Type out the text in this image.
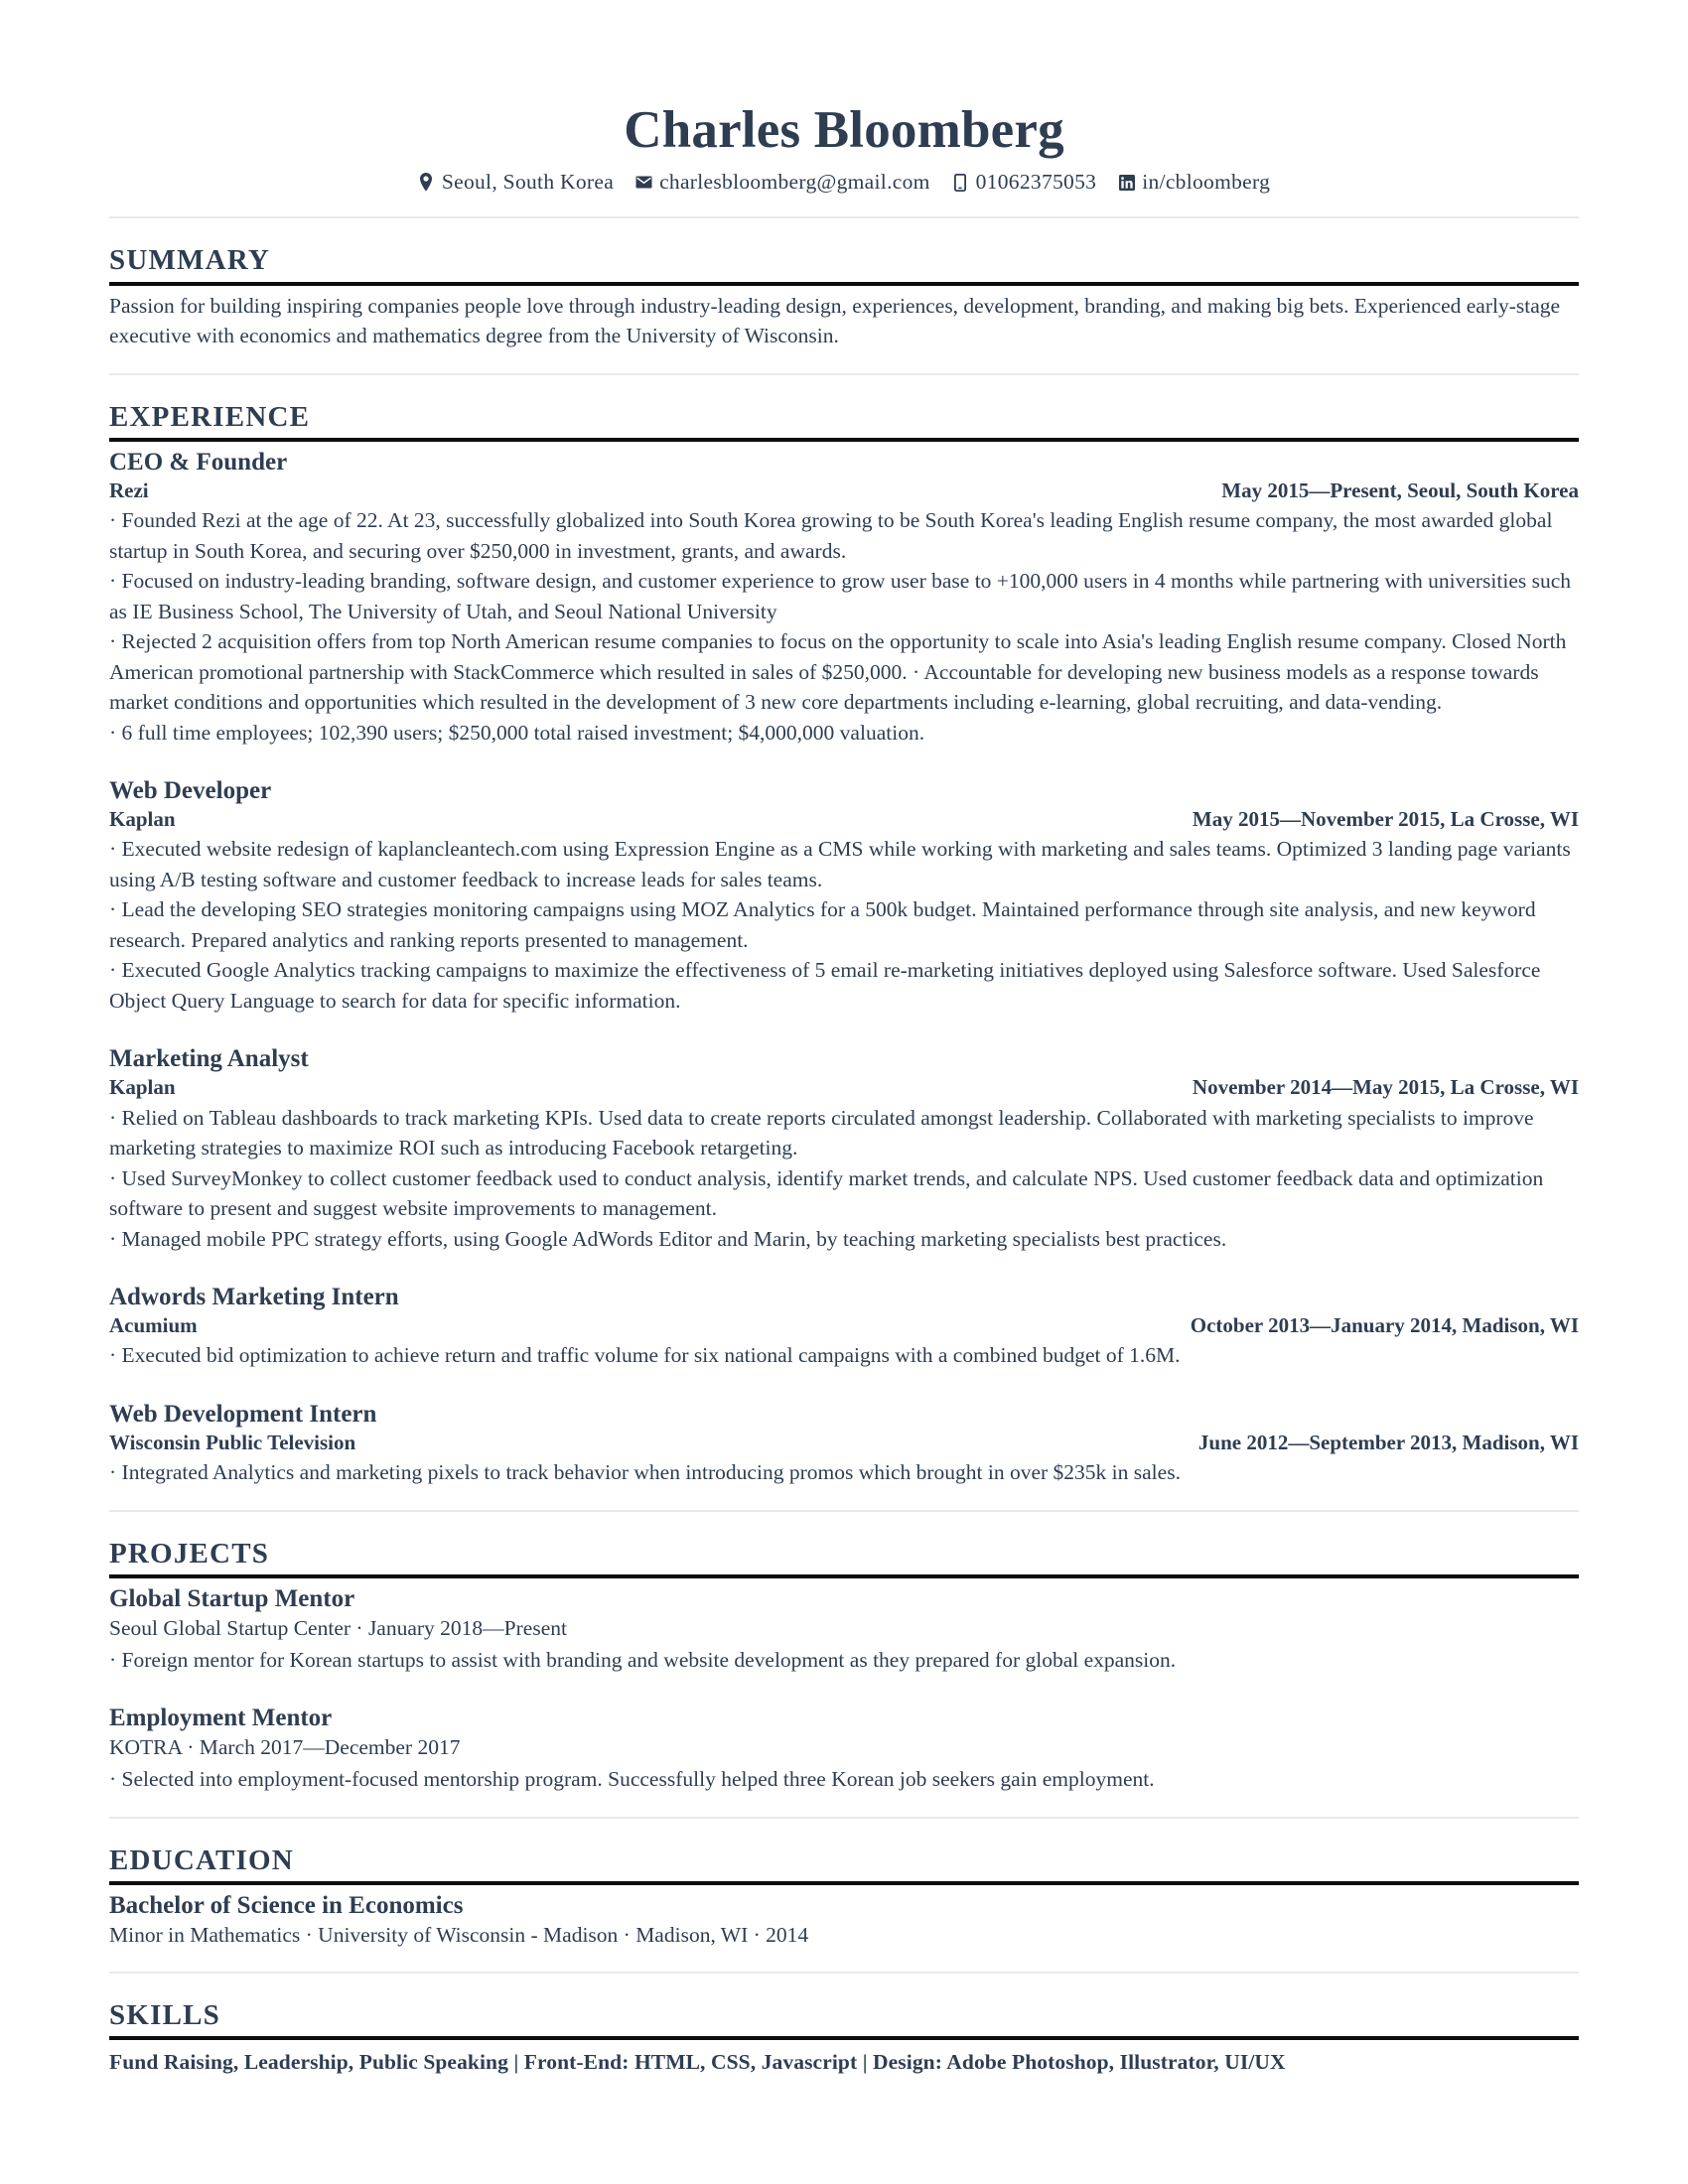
Charles Bloomberg
Seoul, South Korea charlesbloomberg@gmail.com 01062375053 in/cbloomberg
SUMMARY
Passion for building inspiring companies people love through industry-leading design, experiences, development, branding, and making big bets. Experienced early-stage executive with economics and mathematics degree from the University of Wisconsin.
EXPERIENCE
CEO & Founder
Rezi	May 2015—Present, Seoul, South Korea
· Founded Rezi at the age of 22. At 23, successfully globalized into South Korea growing to be South Korea's leading English resume company, the most awarded global startup in South Korea, and securing over $250,000 in investment, grants, and awards.
· Focused on industry-leading branding, software design, and customer experience to grow user base to +100,000 users in 4 months while partnering with universities such as IE Business School, The University of Utah, and Seoul National University
· Rejected 2 acquisition offers from top North American resume companies to focus on the opportunity to scale into Asia's leading English resume company. Closed North American promotional partnership with StackCommerce which resulted in sales of $250,000. · Accountable for developing new business models as a response towards market conditions and opportunities which resulted in the development of 3 new core departments including e-learning, global recruiting, and data-vending.
· 6 full time employees; 102,390 users; $250,000 total raised investment; $4,000,000 valuation.
Web Developer
Kaplan	May 2015—November 2015, La Crosse, WI
· Executed website redesign of kaplancleantech.com using Expression Engine as a CMS while working with marketing and sales teams. Optimized 3 landing page variants using A/B testing software and customer feedback to increase leads for sales teams.
· Lead the developing SEO strategies monitoring campaigns using MOZ Analytics for a 500k budget. Maintained performance through site analysis, and new keyword research. Prepared analytics and ranking reports presented to management.
· Executed Google Analytics tracking campaigns to maximize the effectiveness of 5 email re-marketing initiatives deployed using Salesforce software. Used Salesforce Object Query Language to search for data for specific information.
Marketing Analyst
Kaplan	November 2014—May 2015, La Crosse, WI
· Relied on Tableau dashboards to track marketing KPIs. Used data to create reports circulated amongst leadership. Collaborated with marketing specialists to improve marketing strategies to maximize ROI such as introducing Facebook retargeting.
· Used SurveyMonkey to collect customer feedback used to conduct analysis, identify market trends, and calculate NPS. Used customer feedback data and optimization software to present and suggest website improvements to management.
· Managed mobile PPC strategy efforts, using Google AdWords Editor and Marin, by teaching marketing specialists best practices.
Adwords Marketing Intern
Acumium	October 2013—January 2014, Madison, WI
· Executed bid optimization to achieve return and traffic volume for six national campaigns with a combined budget of 1.6M.
Web Development Intern
Wisconsin Public Television	June 2012—September 2013, Madison, WI
· Integrated Analytics and marketing pixels to track behavior when introducing promos which brought in over $235k in sales.
PROJECTS
Global Startup Mentor
Seoul Global Startup Center · January 2018—Present
· Foreign mentor for Korean startups to assist with branding and website development as they prepared for global expansion.
Employment Mentor
KOTRA · March 2017—December 2017
· Selected into employment-focused mentorship program. Successfully helped three Korean job seekers gain employment.
EDUCATION
Bachelor of Science in Economics
Minor in Mathematics · University of Wisconsin - Madison · Madison, WI · 2014
SKILLS
Fund Raising, Leadership, Public Speaking | Front-End: HTML, CSS, Javascript | Design: Adobe Photoshop, Illustrator, UI/UX
